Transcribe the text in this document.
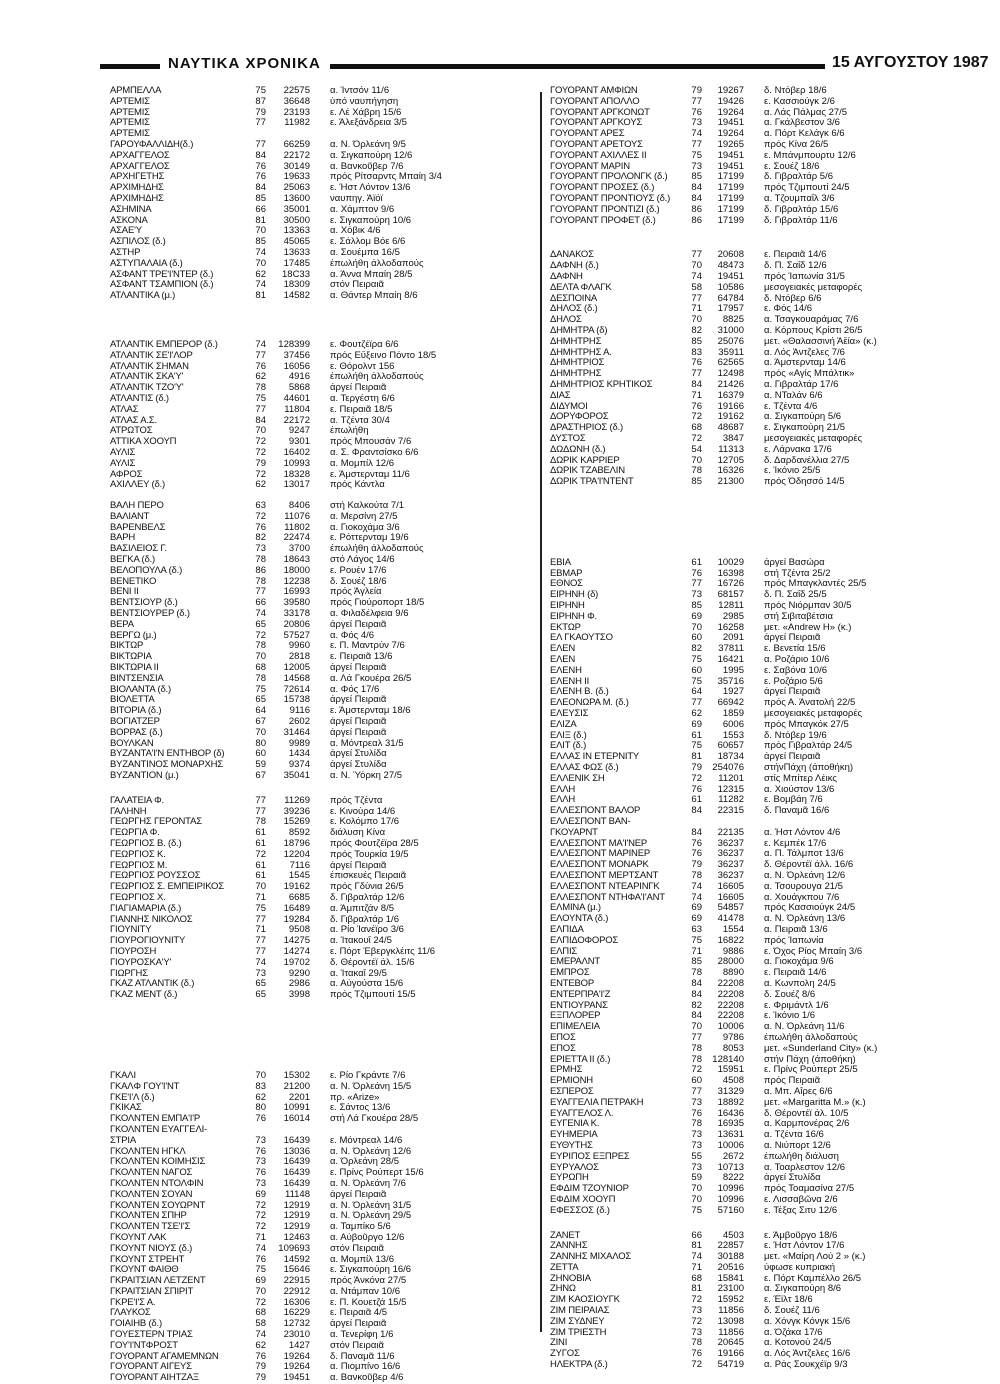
ΝΑΥΤΙΚΑ ΧΡΟΝΙΚΑ	15 ΑΥΓΟΥΣΤΟΥ 1987
ΑΡΜΠΕΛΛΑ	75	22575	α. Ίντσόν 11/6
ΑΡΤΕΜΙΣ	87	36648	ύπό ναυπήγηση
ΑΡΤΕΜΙΣ	79	23193	ε. Λέ Χάβρη 15/6
ΑΡΤΕΜΙΣ	77	11982	ε. Άλεξάνδρεια 3/5
ΑΡΤΕΜΙΣ
ΓΑΡΟΥΦΑΛΛΙΔΗ(δ.)	77	66259	α. Ν. Όρλεάνη 9/5
ΑΡΧΑΓΓΕΛΟΣ	84	22172	α. Σιγκαπούρη 12/6
ΑΡΧΑΓΓΕΛΟΣ	76	30149	α. Βανκοῦβερ 7/6
ΑΡΧΗΓΕΤΗΣ	76	19633	πρός Ρίτσαρντς Μπαίη 3/4
ΑΡΧΙΜΗΔΗΣ	84	25063	ε. Ήστ Λόντον 13/6
ΑΡΧΙΜΗΔΗΣ	85	13600	ναυπηγ. Άϊόϊ
ΑΣΗΜΙΝΑ	66	35001	α. Χάμπτον 9/6
ΑΣΚΟΝΑ	81	30500	ε. Σιγκαπούρη 10/6
ΑΣΑΕ'Υ	70	13363	α. Χόβικ 4/6
ΑΣΠΙΛΟΣ (δ.)	85	45065	ε. Σάλλομ Βόε 6/6
ΑΣΤΗΡ	74	13633	α. Σουέμπα 16/5
ΑΣΤΥΠΑΛΑΙΑ (δ.)	70	17485	έπωλήθη άλλοδαπούς
ΑΣΦΑΝΤ ΤΡΕ'Ι'ΝΤΕΡ (δ.)	62	18C33	α. Άννα Μπαίη 28/5
ΑΣΦΑΝΤ ΤΣΑΜΠΙΟΝ (δ.)	74	18309	στόν Πειραιᾶ
ΑΤΛΑΝΤΙΚΑ (μ.)	81	14582	α. Θάντερ Μπαίη 8/6
ΑΤΛΑΝΤΙΚ ΕΜΠΕΡΟΡ (δ.)	74	128399	ε. Φουτζέϊρα 6/6
ΑΤΛΑΝΤΙΚ ΣΕ'Ι'ΛΟΡ	77	37456	πρός Εὔξεινο Πόντο 18/5
ΑΤΛΑΝΤΙΚ ΣΗΜΑΝ	76	16056	ε. Θόρολντ 156
ΑΤΛΑΝΤΙΚ ΣΚΑ'Υ'	62	4916	έπωλήθη άλλοδαπούς
ΑΤΛΑΝΤΙΚ ΤΖΟ'Υ'	78	5868	άργεί Πειραιᾶ
ΑΤΛΑΝΤΙΣ (δ.)	75	44601	α. Τεργέστη 6/6
ΑΤΛΑΣ	77	11804	ε. Πειραιᾶ 18/5
ΑΤΛΑΣ Α.Σ.	84	22172	α. Τζέντα 30/4
ΑΤΡΩΤΟΣ	70	9247	έπωλήθη
ΑΤΤΙΚΑ ΧΟΟΥΠ	72	9301	πρός Μπουσάν 7/6
ΑΥΛΙΣ	72	16402	α. Σ. Φραντσίσκο 6/6
ΑΥΛΙΣ	79	10993	α. Μομπίλ 12/6
ΑΦΡΟΣ	72	18328	ε. Άμστερνταμ 11/6
ΑΧΙΛΛΕΥ (δ.)	62	13017	πρός Κάντλα
ΒΑΛΗ ΠΕΡΟ	63	8406	στή Καλκούτα 7/1
ΒΑΛΙΑΝΤ	72	11076	α. Μερσίνη 27/5
ΒΑΡΕΝΒΕΛΣ	76	11802	α. Γιοκοχάμα 3/6
ΒΑΡΗ	82	22474	ε. Ρόττερνταμ 19/6
ΒΑΣΙΛΕΙΟΣ Γ.	73	3700	έπωλήθη άλλοδαπούς
ΒΕΓΚΑ (δ.)	78	18643	στό Λάγος 14/6
ΒΕΛΟΠΟΥΛΑ (δ.)	86	18000	ε. Ρουέν 17/6
ΒΕΝΕΤΙΚΟ	78	12238	δ. Σουέζ 18/6
ΒΕΝΙ ΙΙ	77	16993	πρός Άγλεία
ΒΕΝΤΣΙΟΥΡ (δ.)	66	39580	πρός Γιούροπορτ 18/5
ΒΕΝΤΣΙΟΥΡΕΡ (δ.)	74	33178	α. Φιλαδέλφεια 9/6
ΒΕΡΑ	65	20806	άργεί Πειραιᾶ
ΒΕΡΓΩ (μ.)	72	57527	α. Φός 4/6
ΒΙΚΤΩΡ	78	9960	ε. Π. Μαντρύν 7/6
ΒΙΚΤΩΡΙΑ	70	2818	ε. Πειραιᾶ 13/6
ΒΙΚΤΩΡΙΑ ΙΙ	68	12005	άργεί Πειραιᾶ
ΒΙΝΤΣΕΝΣΙΑ	78	14568	α. Λά Γκουέρα 26/5
ΒΙΟΛΑΝΤΑ (δ.)	75	72614	α. Φός 17/6
ΒΙΟΛΕΤΤΑ	65	15738	άργεί Πειραιᾶ
ΒΙΤΟΡΙΑ (δ.)	64	9116	ε. Άμστερνταμ 18/6
ΒΟΓΙΑΤΖΕΡ	67	2602	άργεί Πειραιᾶ
ΒΟΡΡΑΣ (δ.)	70	31464	άργεί Πειραιᾶ
ΒΟΥΛΚΑΝ	80	9989	α. Μόντρεαλ 31/5
ΒΥΖΑΝΤΑ'Ι'Ν ΕΝΤΗΒΟΡ (δ)	60	1434	άργεί Στυλίδα
ΒΥΖΑΝΤΙΝΟΣ ΜΟΝΑΡΧΗΣ	59	9374	άργεί Στυλίδα
ΒΥΖΑΝΤΙΟΝ (μ.)	67	35041	α. Ν. Ύόρκη 27/5
ΓΑΛΑΤΕΙΑ Φ.	77	11269	πρός Τζέντα
ΓΑΛΗΝΗ	77	39236	ε. Κινούρα 14/6
ΓΕΩΡΓΗΣ ΓΕΡΟΝΤΑΣ	78	15269	ε. Κολόμπο 17/6
ΓΕΩΡΓΙΑ Φ.	61	8592	διάλυση Κίνα
ΓΕΩΡΓΙΟΣ Β. (δ.)	61	18796	πρός Φουτζέϊρα 28/5
ΓΕΩΡΓΙΟΣ Κ.	72	12204	πρός Τουρκία 19/5
ΓΕΩΡΓΙΟΣ Μ.	61	7116	άργεί Πειραιᾶ
ΓΕΩΡΓΙΟΣ ΡΟΥΣΣΟΣ	61	1545	έπισκευές Πειραιᾶ
ΓΕΩΡΓΙΟΣ Σ. ΕΜΠΕΙΡΙΚΟΣ	70	19162	πρός Γδύνια 26/5
ΓΕΩΡΓΙΟΣ Χ.	71	6685	δ. Γιβραλτάρ 12/6
ΓΙΑΓΙΑΜΑΡΙΑ (δ.)	75	16489	α. Άμπιτζάν 8/5
ΓΙΑΝΝΗΣ ΝΙΚΟΛΟΣ	77	19284	δ. Γιβραλτάρ 1/6
ΓΙΟΥΝΙΤΥ	71	9508	α. Ρίο Ίανέϊρο 3/6
ΓΙΟΥΡΟΓΙΟΥΝΙΤΥ	77	14275	α. Ίτακουΐ 24/5
ΓΙΟΥΡΟΣΗ	77	14274	ε. Πόρτ Έβεργκλέιτς 11/6
ΓΙΟΥΡΟΣΚΑ'Υ'	74	19702	δ. Θέροντέϊ άλ. 15/6
ΓΙΩΡΓΗΣ	73	9290	α. Ίτακαΐ 29/5
ΓΚΑΖ ΑΤΛΑΝΤΙΚ (δ.)	65	2986	α. Αὐγούστα 15/6
ΓΚΑΖ ΜΕΝΤ (δ.)	65	3998	πρός Τζιμπουτί 15/5
ΓΚΑΛΙ	70	15302	ε. Ρίο Γκράντε 7/6
ΓΚΑΛΦ ΓΟΥ'Ι'ΝΤ	83	21200	α. Ν. Όρλεάνη 15/5
ΓΚΕ'Ι'Λ (δ.)	62	2201	πρ. «Arize»
ΓΚΙΚΑΣ	80	10991	ε. Σάντος 13/6
ΓΚΟΛΝΤΕΝ ΕΜΠΑ'Ι'Ρ	76	16014	στή Λά Γκουέρα 28/5
ΓΚΟΛΝΤΕΝ ΕΥΑΓΓΕΛΙ-
ΣΤΡΙΑ	73	16439	ε. Μόντρεαλ 14/6
ΓΚΟΛΝΤΕΝ ΗΓΚΛ	76	13036	α. Ν. Όρλεάνη 12/6
ΓΚΟΛΝΤΕΝ ΚΟΙΜΗΣΙΣ	73	16439	α. Όρλεάνη 28/5
ΓΚΟΛΝΤΕΝ ΝΑΓΟΣ	76	16439	ε. Πρίνς Ρούπερτ 15/6
ΓΚΟΛΝΤΕΝ ΝΤΟΛΦΙΝ	73	16439	α. Ν. Όρλεάνη 7/6
ΓΚΟΛΝΤΕΝ ΣΟΥΑΝ	69	11148	άργεί Πειραιᾶ
ΓΚΟΛΝΤΕΝ ΣΟΥΩΡΝΤ	72	12919	α. Ν. Όρλεάνη 31/5
ΓΚΟΛΝΤΕΝ ΣΠΗΡ	72	12919	α. Ν. Όρλεάνη 29/5
ΓΚΟΛΝΤΕΝ ΤΣΕ'Ι'Σ	72	12919	α. Ταμπίκο 5/6
ΓΚΟΥΝΤ ΛΑΚ	71	12463	α. Αὐβοῦργο 12/6
ΓΚΟΥΝΤ ΝΙΟΥΣ (δ.)	74	109693	στόν Πειραιᾶ
ΓΚΟΥΝΤ ΣΤΡΕΗΤ	76	14592	α. Μομπίλ 13/6
ΓΚΟΥΝΤ ΦΑΙΘΘ	75	15646	ε. Σιγκαπούρη 16/6
ΓΚΡΑΙΤΣΙΑΝ ΛΕΤΖΕΝΤ	69	22915	πρός Άνκόνα 27/5
ΓΚΡΑΙΤΣΙΑΝ ΣΠΙΡΙΤ	70	22912	α. Ντάμπαν 10/6
ΓΚΡΕ'Ι'Σ Α.	72	16306	ε. Π. Κουετζά 15/5
ΓΛΑΥΚΟΣ	68	16229	ε. Πειραιᾶ 4/5
ΓΟΙΑΙΗΒ (δ.)	58	12732	άργεί Πειραιᾶ
ΓΟΥΕΣΤΕΡΝ ΤΡΙΑΣ	74	23010	α. Τενερίφη 1/6
ΓΟΥ'Ι'ΝΤΦΡΟΣΤ	62	1427	στόν Πειραιᾶ
ΓΟΥΟΡΑΝΤ ΑΓΑΜΕΜΝΩΝ	76	19264	δ. Παναμᾶ 11/6
ΓΟΥΟΡΑΝΤ ΑΙΓΕΥΣ	79	19264	α. Πιομπίνο 16/6
ΓΟΥΟΡΑΝΤ ΑΙΗΤΖΑΞ	79	19451	α. Βανκοῦβερ 4/6
ΓΟΥΟΡΑΝΤ ΑΜΦΙΩΝ	79	19267	δ. Ντόβερ 18/6
ΓΟΥΟΡΑΝΤ ΑΠΟΛΛΟ	77	19426	ε. Κασσιούγκ 2/6
ΓΟΥΟΡΑΝΤ ΑΡΓΚΟΝΩΤ	76	19264	α. Λάς Πάλμας 27/5
ΓΟΥΟΡΑΝΤ ΑΡΓΚΟΥΣ	73	19451	α. Γκάλβεστον 3/6
ΓΟΥΟΡΑΝΤ ΑΡΕΣ	74	19264	α. Πόρτ Κελάγκ 6/6
ΓΟΥΟΡΑΝΤ ΑΡΕΤΟΥΣ	77	19265	πρός Κίνα 26/5
ΓΟΥΟΡΑΝΤ ΑΧΙΛΛΕΣ ΙΙ	75	19451	ε. Μπάνμπουρτυ 12/6
ΓΟΥΟΡΑΝΤ ΜΑΡΙΝ	73	19451	ε. Σουέζ 18/6
ΓΟΥΟΡΑΝΤ ΠΡΟΛΟΝΓΚ (δ.)	85	17199	δ. Γιβραλτάρ 5/6
ΓΟΥΟΡΑΝΤ ΠΡΟΣΕΣ (δ.)	84	17199	πρός Τζιμπουτί 24/5
ΓΟΥΟΡΑΝΤ ΠΡΟΝΤΙΟΥΣ (δ.)	84	17199	α. Τζουμπαΐλ 3/6
ΓΟΥΟΡΑΝΤ ΠΡΟΝΤΙΖΙ (δ.)	86	17199	δ. Γιβραλτάρ 15/6
ΓΟΥΟΡΑΝΤ ΠΡΟΦΕΤ (δ.)	86	17199	δ. Γιβραλτάρ 11/6
ΔΑΝΑΚΟΣ	77	20608	ε. Πειραιᾶ 14/6
ΔΑΦΝΗ (δ.)	70	48473	δ. Π. Σαΐδ 12/6
ΔΑΦΝΗ	74	19451	πρός Ίαπωνία 31/5
ΔΕΛΤΑ ΦΛΑΓΚ	58	10586	μεσογειακές μεταφορές
ΔΕΣΠΟΙΝΑ	77	64784	δ. Ντόβερ 6/6
ΔΗΛΟΣ (δ.)	71	17957	ε. Φός 14/6
ΔΗΛΟΣ	70	8825	α. Τσαγκουαράμας 7/6
ΔΗΜΗΤΡΑ (δ)	82	31000	α. Κόρπους Κρίστι 26/5
ΔΗΜΗΤΡΗΣ	85	25076	μετ. «Θαλασσινή Άἔία» (κ.)
ΔΗΜΗΤΡΗΣ Α.	83	35911	α. Λός Άντζελες 7/6
ΔΗΜΗΤΡΙΟΣ	76	62565	α. Άμστερνταμ 14/6
ΔΗΜΗΤΡΗΣ	77	12498	πρός «Αγίς Μπάλτικ»
ΔΗΜΗΤΡΙΟΣ ΚΡΗΤΙΚΟΣ	84	21426	α. Γιβραλτάρ 17/6
ΔΙΑΣ	71	16379	α. ΝΤαλάν 6/6
ΔΙΔΥΜΟΙ	76	19166	ε. Τζέντα 4/6
ΔΟΡΥΦΟΡΟΣ	72	19162	α. Σιγκαπούρη 5/6
ΔΡΑΣΤΗΡΙΟΣ (δ.)	68	48687	ε. Σιγκαπούρη 21/5
ΔΥΣΤΟΣ	72	3847	μεσογειακές μεταφορές
ΔΩΔΩΝΗ (δ.)	54	11313	ε. Λάρνακα 17/6
ΔΩΡΙΚ ΚΑΡΡΙΕΡ	70	12705	δ. Δαρδανέλλια 27/5
ΔΩΡΙΚ ΤΖΑΒΕΛΙΝ	78	16326	ε. Ίκόνιο 25/5
ΔΩΡΙΚ ΤΡΑ'Ι'ΝΤΕΝΤ	85	21300	πρός Όδησσό 14/5
ΕΒΙΑ	61	10029	άργεί Βασώρα
ΕΒΜΑΡ	76	16398	στή Τζέντα 25/2
ΕΘΝΟΣ	77	16726	πρός Μπαγκλαντές 25/5
ΕΙΡΗΝΗ (δ)	73	68157	δ. Π. Σαΐδ 25/5
ΕΙΡΗΝΗ	85	12811	πρός Νιόρμπαν 30/5
ΕΙΡΗΝΗ Φ.	69	2985	στή Σιβιταβέτσια
ΕΚΤΩΡ	70	16258	μετ. «Andrew H» (κ.)
ΕΛ ΓΚΑΟΥΤΣΟ	60	2091	άργεί Πειραιᾶ
ΕΛΕΝ	82	37811	ε. Βενετία 15/6
ΕΛΕΝ	75	16421	α. Ροζάριο 10/6
ΕΛΕΝΗ	60	1995	ε. Σαβόνα 10/6
ΕΛΕΝΗ ΙΙ	75	35716	ε. Ροζάριο 5/6
ΕΛΕΝΗ Β. (δ.)	64	1927	άργεί Πειραιᾶ
ΕΛΕΟΝΩΡΑ Μ. (δ.)	77	66942	πρός Α. Άνατολή 22/5
ΕΛΕΥΣΙΣ	62	1859	μεσογειακές μεταφορές
ΕΛΙΖΑ	69	6006	πρός Μπαγκόκ 27/5
ΕΛΙΞ (δ.)	61	1553	δ. Ντόβερ 19/6
ΕΛΙΤ (δ.)	75	60657	πρός Γιβραλτάρ 24/5
ΕΛΛΑΣ ΙΝ ΕΤΕΡΝΙΤΥ	81	18734	άργεί Πειραιᾶ
ΕΛΛΑΣ ΦΩΣ (δ.)	79	254076	στήνΠάχη (άποθήκη)
ΕΛΛΕΝΙΚ ΣΗ	72	11201	στίς Μπίτερ Λέικς
ΕΛΛΗ	76	12315	α. Χιούστον 13/6
ΕΛΛΗ	61	11282	ε. Βομβάη 7/6
ΕΛΛΕΣΠΟΝΤ ΒΑΛΟΡ	84	22315	δ. Παναμᾶ 16/6
ΕΛΛΕΣΠΟΝΤ ΒΑΝ-
ΓΚΟΥΑΡΝΤ	84	22135	α. Ήστ Λόντον 4/6
ΕΛΛΕΣΠΟΝΤ ΜΑ'Ι'ΝΕΡ	76	36237	ε. Κεμπέκ 17/6
ΕΛΛΕΣΠΟΝΤ ΜΑΡΙΝΕΡ	76	36237	α. Π. Τάλμποτ 13/6
ΕΛΛΕΣΠΟΝΤ ΜΟΝΑΡΚ	79	36237	δ. Θέροντέϊ άλλ. 16/6
ΕΛΛΕΣΠΟΝΤ ΜΕΡΤΣΑΝΤ	78	36237	α. Ν. Όρλεάνη 12/6
ΕΛΛΕΣΠΟΝΤ ΝΤΕΑΡΙΝΓΚ	74	16605	α. Τσουρουγα 21/5
ΕΛΛΕΣΠΟΝΤ ΝΤΗΦΑ'Ι'ΑΝΤ	74	16605	α. Χουάγκπου 7/6
ΕΛΜΙΝΑ (μ.)	69	54857	πρός Κασσιούγκ 24/5
ΕΛΟΥΝΤΑ (δ.)	69	41478	α. Ν. Όρλεάνη 13/6
ΕΛΠΙΔΑ	63	1554	α. Πειραιᾶ 13/6
ΕΛΠΙΔΟΦΟΡΟΣ	75	16822	πρός Ίαπωνία
ΕΛΠΙΣ	71	9886	ε. Όχος Ρίος Μπαίη 3/6
ΕΜΕΡΑΛΝΤ	85	28000	α. Γιοκοχάμα 9/6
ΕΜΠΡΟΣ	78	8890	ε. Πειραιᾶ 14/6
ΕΝΤΕΒΟΡ	84	22208	α. Κωνπολη 24/5
ΕΝΤΕΡΠΡΑ'Ι'Ζ	84	22208	δ. Σουέζ 8/6
ΕΝΤΙΟΥΡΑΝΣ	82	22208	ε. Φριμάντλ 1/6
ΕΞΠΛΟΡΕΡ	84	22208	ε. Ίκόνιο 1/6
ΕΠΙΜΕΛΕΙΑ	70	10006	α. Ν. Όρλεάνη 11/6
ΕΠΟΣ	77	9786	έπωλήθη άλλοδαπούς
ΕΠΟΣ	78	8053	μετ. «Sunderland City» (κ.)
ΕΡΙΕΤΤΑ ΙΙ (δ.)	78	128140	στήν Πάχη (άποθήκη)
ΕΡΜΗΣ	72	15951	ε. Πρίνς Ρούπερτ 25/5
ΕΡΜΙΟΝΗ	60	4508	πρός Πειραιᾶ
ΕΣΠΕΡΟΣ	77	31329	α. Μπ. Αΐρες 6/6
ΕΥΑΓΓΕΛΙΑ ΠΕΤΡΑΚΗ	73	18892	μετ. «Margaritta M.» (κ.)
ΕΥΑΓΓΕΛΟΣ Λ.	76	16436	δ. Θέροντέϊ άλ. 10/5
ΕΥΓΕΝΙΑ Κ.	78	16935	α. Καρμπονέρας 2/6
ΕΥΗΜΕΡΙΑ	73	13631	α. Τζέντα 16/6
ΕΥΘΥΤΗΣ	73	10006	α. Νιύπορτ 12/6
ΕΥΡΙΠΟΣ ΕΞΠΡΕΣ	55	2672	έπωλήθη διάλυση
ΕΥΡΥΑΛΟΣ	73	10713	α. Τοαρλεστον 12/6
ΕΥΡΩΠΗ	59	8222	άργεί Στυλίδα
ΕΦΔΙΜ ΤΖΟΥΝΙΟΡ	70	10996	πρός Τοαμασίνα 27/5
ΕΦΔΙΜ ΧΟΟΥΠ	70	10996	ε. Λισσαβῶνα 2/6
ΕΦΕΣΣΟΣ (δ.)	75	57160	ε. Τέξας Σιτυ 12/6
ΖΑΝΕΤ	66	4503	ε. Άμβοῦργο 18/6
ΖΑΝΝΗΣ	81	22857	ε. Ήστ Λόντον 17/6
ΖΑΝΝΗΣ ΜΙΧΑΛΟΣ	74	30188	μετ. «Μαίρη Λού 2 » (κ.)
ΖΕΤΤΑ	71	20516	ύφωσε κυπριακή
ΖΗΝΟΒΙΑ	68	15841	ε. Πόρτ Καμπέλλο 26/5
ΖΗΝΩ	81	23100	α. Σιγκαπούρη 8/6
ΖΙΜ ΚΑΟΣΙΟΥΓΚ	72	15952	ε. Έϊλτ 18/6
ΖΙΜ ΠΕΙΡΑΙΑΣ	73	11856	δ. Σουέζ 11/6
ΖΙΜ ΣΥΔΝΕΥ	72	13098	α. Χόνγκ Κόνγκ 15/6
ΖΙΜ ΤΡΙΕΣΤΗ	73	11856	α. Όζάκα 17/6
ΖΙΝΙ	78	20645	α. Κοτονού 24/5
ΖΥΓΟΣ	76	19166	α. Λός Άντζελες 16/6
ΗΛΕΚΤΡΑ (δ.)	72	54719	α. Ράς Σουκχέϊρ 9/3
